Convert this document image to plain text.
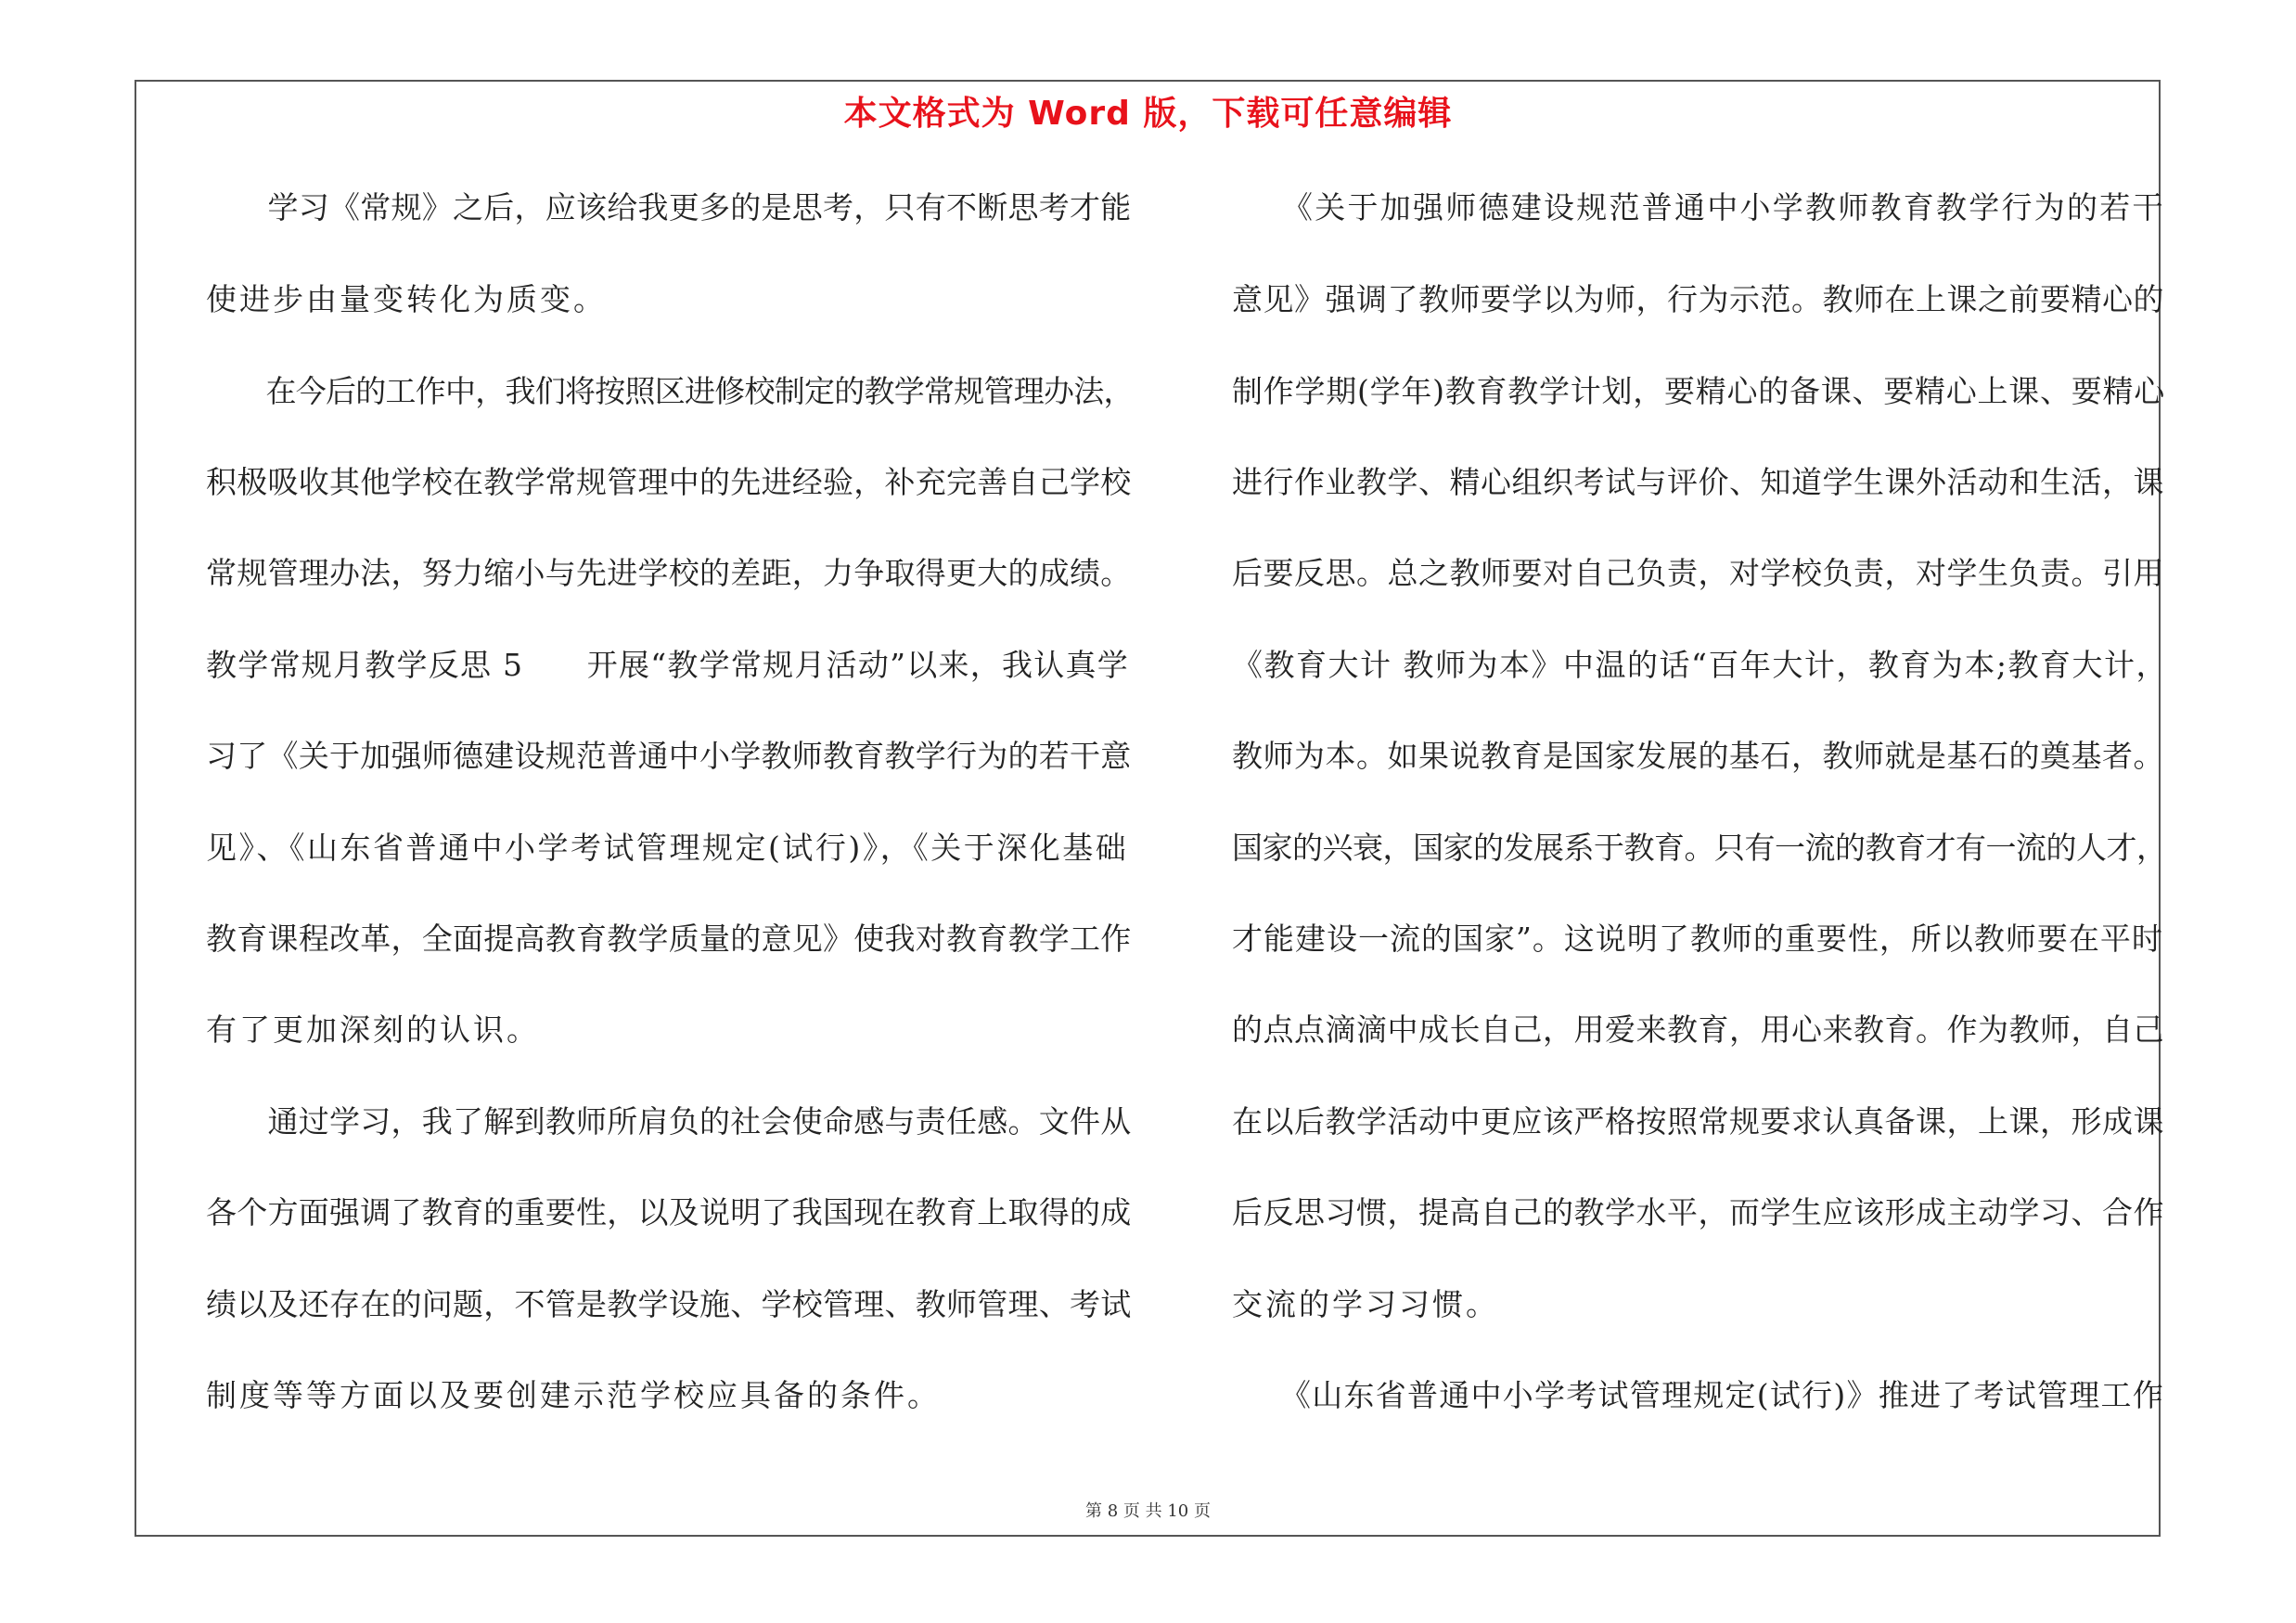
本文格式为 Word 版，下载可任意编辑
　　学习《常规》之后，应该给我更多的是思考，只有不断思考才能
使进步由量变转化为质变。
　　在今后的工作中，我们将按照区进修校制定的教学常规管理办法，
积极吸收其他学校在教学常规管理中的先进经验，补充完善自己学校
常规管理办法，努力缩小与先进学校的差距，力争取得更大的成绩。
教学常规月教学反思 5　　开展“教学常规月活动”以来，我认真学
习了《关于加强师德建设规范普通中小学教师教育教学行为的若干意
见》、《山东省普通中小学考试管理规定(试行)》，《关于深化基础
教育课程改革，全面提高教育教学质量的意见》使我对教育教学工作
有了更加深刻的认识。
　　通过学习，我了解到教师所肩负的社会使命感与责任感。文件从
各个方面强调了教育的重要性，以及说明了我国现在教育上取得的成
绩以及还存在的问题，不管是教学设施、学校管理、教师管理、考试
制度等等方面以及要创建示范学校应具备的条件。
　　《关于加强师德建设规范普通中小学教师教育教学行为的若干
意见》强调了教师要学以为师，行为示范。教师在上课之前要精心的
制作学期(学年)教育教学计划，要精心的备课、要精心上课、要精心
进行作业教学、精心组织考试与评价、知道学生课外活动和生活，课
后要反思。总之教师要对自己负责，对学校负责，对学生负责。引用
《教育大计 教师为本》中温的话“百年大计，教育为本;教育大计，
教师为本。如果说教育是国家发展的基石，教师就是基石的奠基者。
国家的兴衰，国家的发展系于教育。只有一流的教育才有一流的人才，
才能建设一流的国家”。这说明了教师的重要性，所以教师要在平时
的点点滴滴中成长自己，用爱来教育，用心来教育。作为教师，自己
在以后教学活动中更应该严格按照常规要求认真备课，上课，形成课
后反思习惯，提高自己的教学水平，而学生应该形成主动学习、合作
交流的学习习惯。
　　《山东省普通中小学考试管理规定(试行)》推进了考试管理工作
第 8 页 共 10 页
